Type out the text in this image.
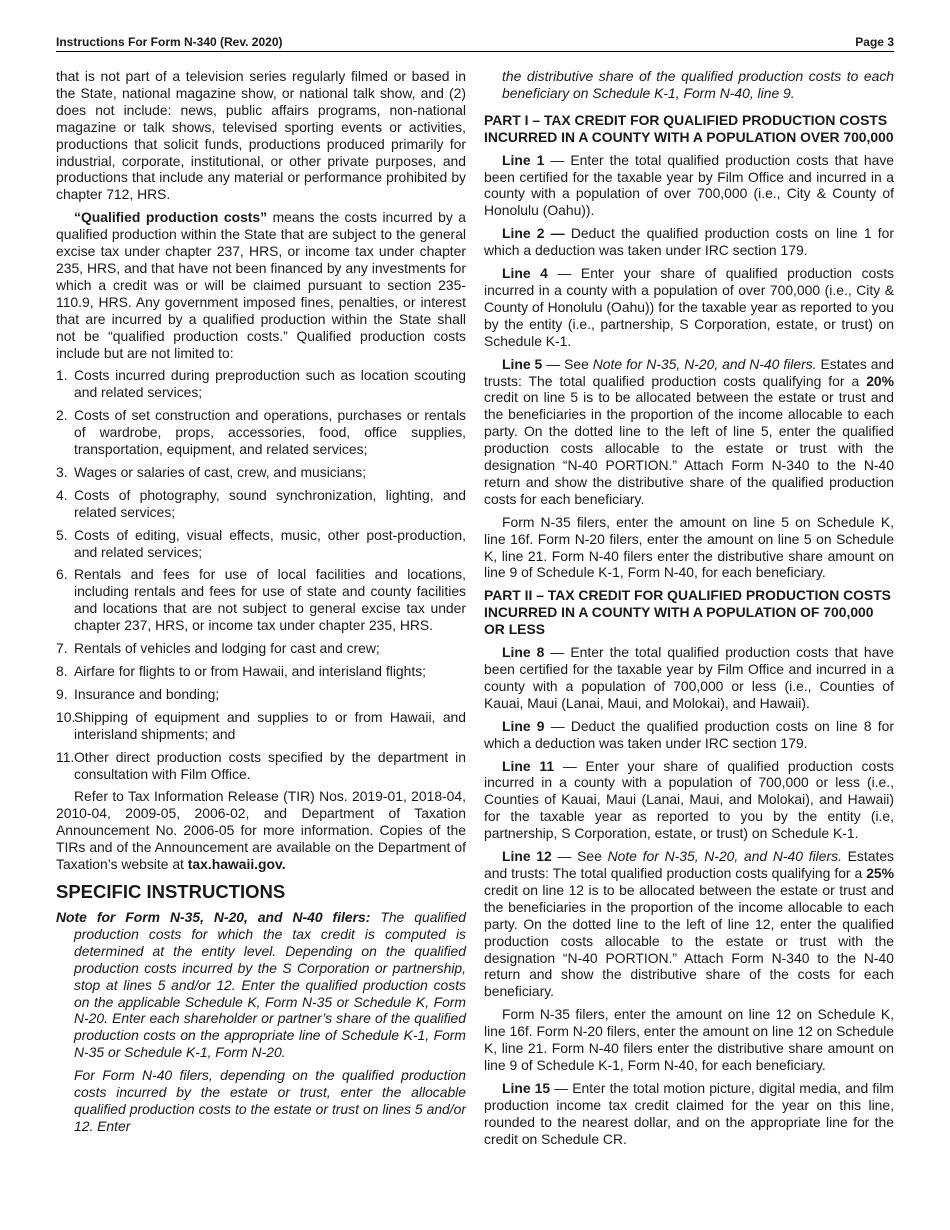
Instructions For Form N-340 (Rev. 2020)	Page 3

that is not part of a television series regularly filmed or based in the State, national magazine show, or national talk show, and (2) does not include: news, public affairs programs, non-national magazine or talk shows, televised sporting events or activities, productions that solicit funds, productions produced primarily for industrial, corporate, institutional, or other private purposes, and productions that include any material or performance prohibited by chapter 712, HRS.

“Qualified production costs” means the costs incurred by a qualified production within the State that are subject to the general excise tax under chapter 237, HRS, or income tax under chapter 235, HRS, and that have not been financed by any investments for which a credit was or will be claimed pursuant to section 235-110.9, HRS. Any government imposed fines, penalties, or interest that are incurred by a qualified production within the State shall not be “qualified production costs.” Qualified production costs include but are not limited to:

1. Costs incurred during preproduction such as location scouting and related services;
2. Costs of set construction and operations, purchases or rentals of wardrobe, props, accessories, food, office supplies, transportation, equipment, and related services;
3. Wages or salaries of cast, crew, and musicians;
4. Costs of photography, sound synchronization, lighting, and related services;
5. Costs of editing, visual effects, music, other post-production, and related services;
6. Rentals and fees for use of local facilities and locations, including rentals and fees for use of state and county facilities and locations that are not subject to general excise tax under chapter 237, HRS, or income tax under chapter 235, HRS.
7. Rentals of vehicles and lodging for cast and crew;
8. Airfare for flights to or from Hawaii, and interisland flights;
9. Insurance and bonding;
10.
Shipping of equipment and supplies to or from Hawaii, and interisland shipments; and
11. Other direct production costs specified by the department in consultation with Film Office.

Refer to Tax Information Release (TIR) Nos. 2019-01, 2018-04, 2010-04, 2009-05, 2006-02, and Department of Taxation Announcement No. 2006-05 for more information. Copies of the TIRs and of the Announcement are available on the Department of Taxation’s website at tax.hawaii.gov.

SPECIFIC INSTRUCTIONS

Note for Form N-35, N-20, and N-40 filers: The qualified production costs for which the tax credit is computed is determined at the entity level. Depending on the qualified production costs incurred by the S Corporation or partnership, stop at lines 5 and/or 12. Enter the qualified production costs on the applicable Schedule K, Form N-35 or Schedule K, Form N-20. Enter each shareholder or partner’s share of the qualified production costs on the appropriate line of Schedule K-1, Form N-35 or Schedule K-1, Form N-20.

For Form N-40 filers, depending on the qualified production costs incurred by the estate or trust, enter the allocable qualified production costs to the estate or trust on lines 5 and/or 12. Enter

the distributive share of the qualified production costs to each beneficiary on Schedule K-1, Form N-40, line 9.

PART I – TAX CREDIT FOR QUALIFIED PRODUCTION COSTS INCURRED IN A COUNTY WITH A POPULATION OVER 700,000

Line 1 — Enter the total qualified production costs that have been certified for the taxable year by Film Office and incurred in a county with a population of over 700,000 (i.e., City & County of Honolulu (Oahu)).

Line 2 — Deduct the qualified production costs on line 1 for which a deduction was taken under IRC section 179.

Line 4 — Enter your share of qualified production costs incurred in a county with a population of over 700,000 (i.e., City & County of Honolulu (Oahu)) for the taxable year as reported to you by the entity (i.e., partnership, S Corporation, estate, or trust) on Schedule K-1.

Line 5 — See Note for N-35, N-20, and N-40 filers. Estates and trusts: The total qualified production costs qualifying for a 20% credit on line 5 is to be allocated between the estate or trust and the beneficiaries in the proportion of the income allocable to each party. On the dotted line to the left of line 5, enter the qualified production costs allocable to the estate or trust with the designation “N-40 PORTION.” Attach Form N-340 to the N-40 return and show the distributive share of the qualified production costs for each beneficiary.

Form N-35 filers, enter the amount on line 5 on Schedule K, line 16f. Form N-20 filers, enter the amount on line 5 on Schedule K, line 21. Form N-40 filers enter the distributive share amount on line 9 of Schedule K-1, Form N-40, for each beneficiary.

PART II – TAX CREDIT FOR QUALIFIED PRODUCTION COSTS INCURRED IN A COUNTY WITH A POPULATION OF 700,000 OR LESS

Line 8 — Enter the total qualified production costs that have been certified for the taxable year by Film Office and incurred in a county with a population of 700,000 or less (i.e., Counties of Kauai, Maui (Lanai, Maui, and Molokai), and Hawaii).

Line 9 — Deduct the qualified production costs on line 8 for which a deduction was taken under IRC section 179.

Line 11 — Enter your share of qualified production costs incurred in a county with a population of 700,000 or less (i.e., Counties of Kauai, Maui (Lanai, Maui, and Molokai), and Hawaii) for the taxable year as reported to you by the entity (i.e, partnership, S Corporation, estate, or trust) on Schedule K-1.

Line 12 — See Note for N-35, N-20, and N-40 filers. Estates and trusts: The total qualified production costs qualifying for a 25% credit on line 12 is to be allocated between the estate or trust and the beneficiaries in the proportion of the income allocable to each party. On the dotted line to the left of line 12, enter the qualified production costs allocable to the estate or trust with the designation “N-40 PORTION.” Attach Form N-340 to the N-40 return and show the distributive share of the costs for each beneficiary.

Form N-35 filers, enter the amount on line 12 on Schedule K, line 16f. Form N-20 filers, enter the amount on line 12 on Schedule K, line 21. Form N-40 filers enter the distributive share amount on line 9 of Schedule K-1, Form N-40, for each beneficiary.

Line 15 — Enter the total motion picture, digital media, and film production income tax credit claimed for the year on this line, rounded to the nearest dollar, and on the appropriate line for the credit on Schedule CR.
